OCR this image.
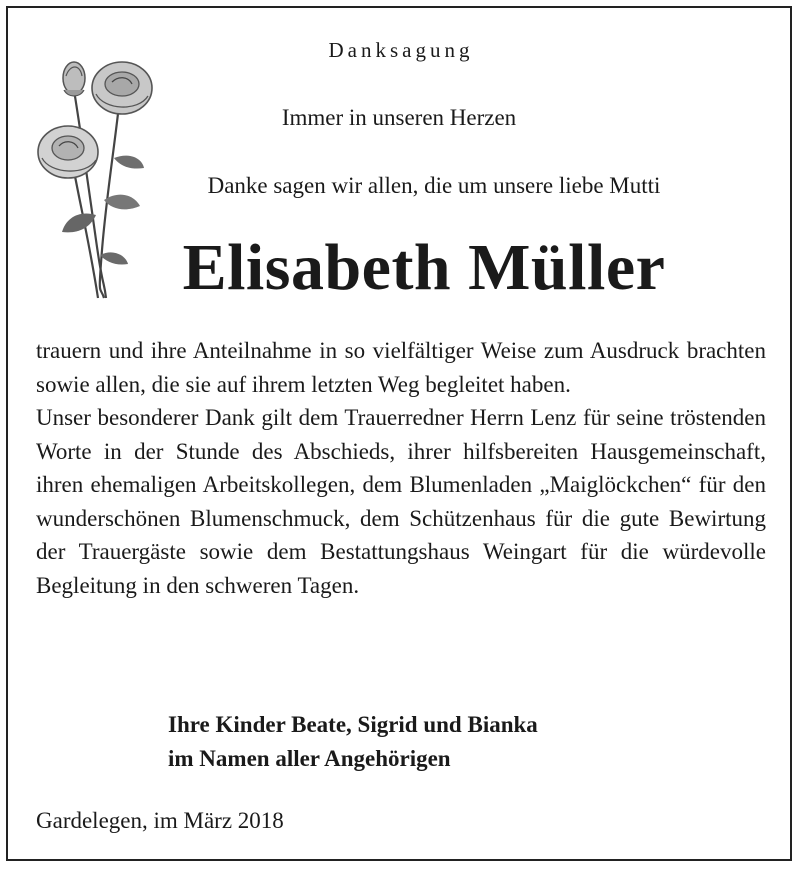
Danksagung
Immer in unseren Herzen
Danke sagen wir allen, die um unsere liebe Mutti
Elisabeth Müller

trauern und ihre Anteilnahme in so vielfältiger Weise zum Ausdruck brachten sowie allen, die sie auf ihrem letzten Weg begleitet haben.

Unser besonderer Dank gilt dem Trauerredner Herrn Lenz für seine tröstenden Worte in der Stunde des Abschieds, ihrer hilfsbereiten Hausgemeinschaft, ihren ehemaligen Arbeitskollegen, dem Blumenladen „Maiglöckchen“ für den wunderschönen Blumenschmuck, dem Schützenhaus für die gute Bewirtung der Trauergäste sowie dem Bestattungshaus Weingart für die würdevolle Begleitung in den schweren Tagen.

Ihre Kinder Beate, Sigrid und Bianka
im Namen aller Angehörigen
Gardelegen, im März 2018
